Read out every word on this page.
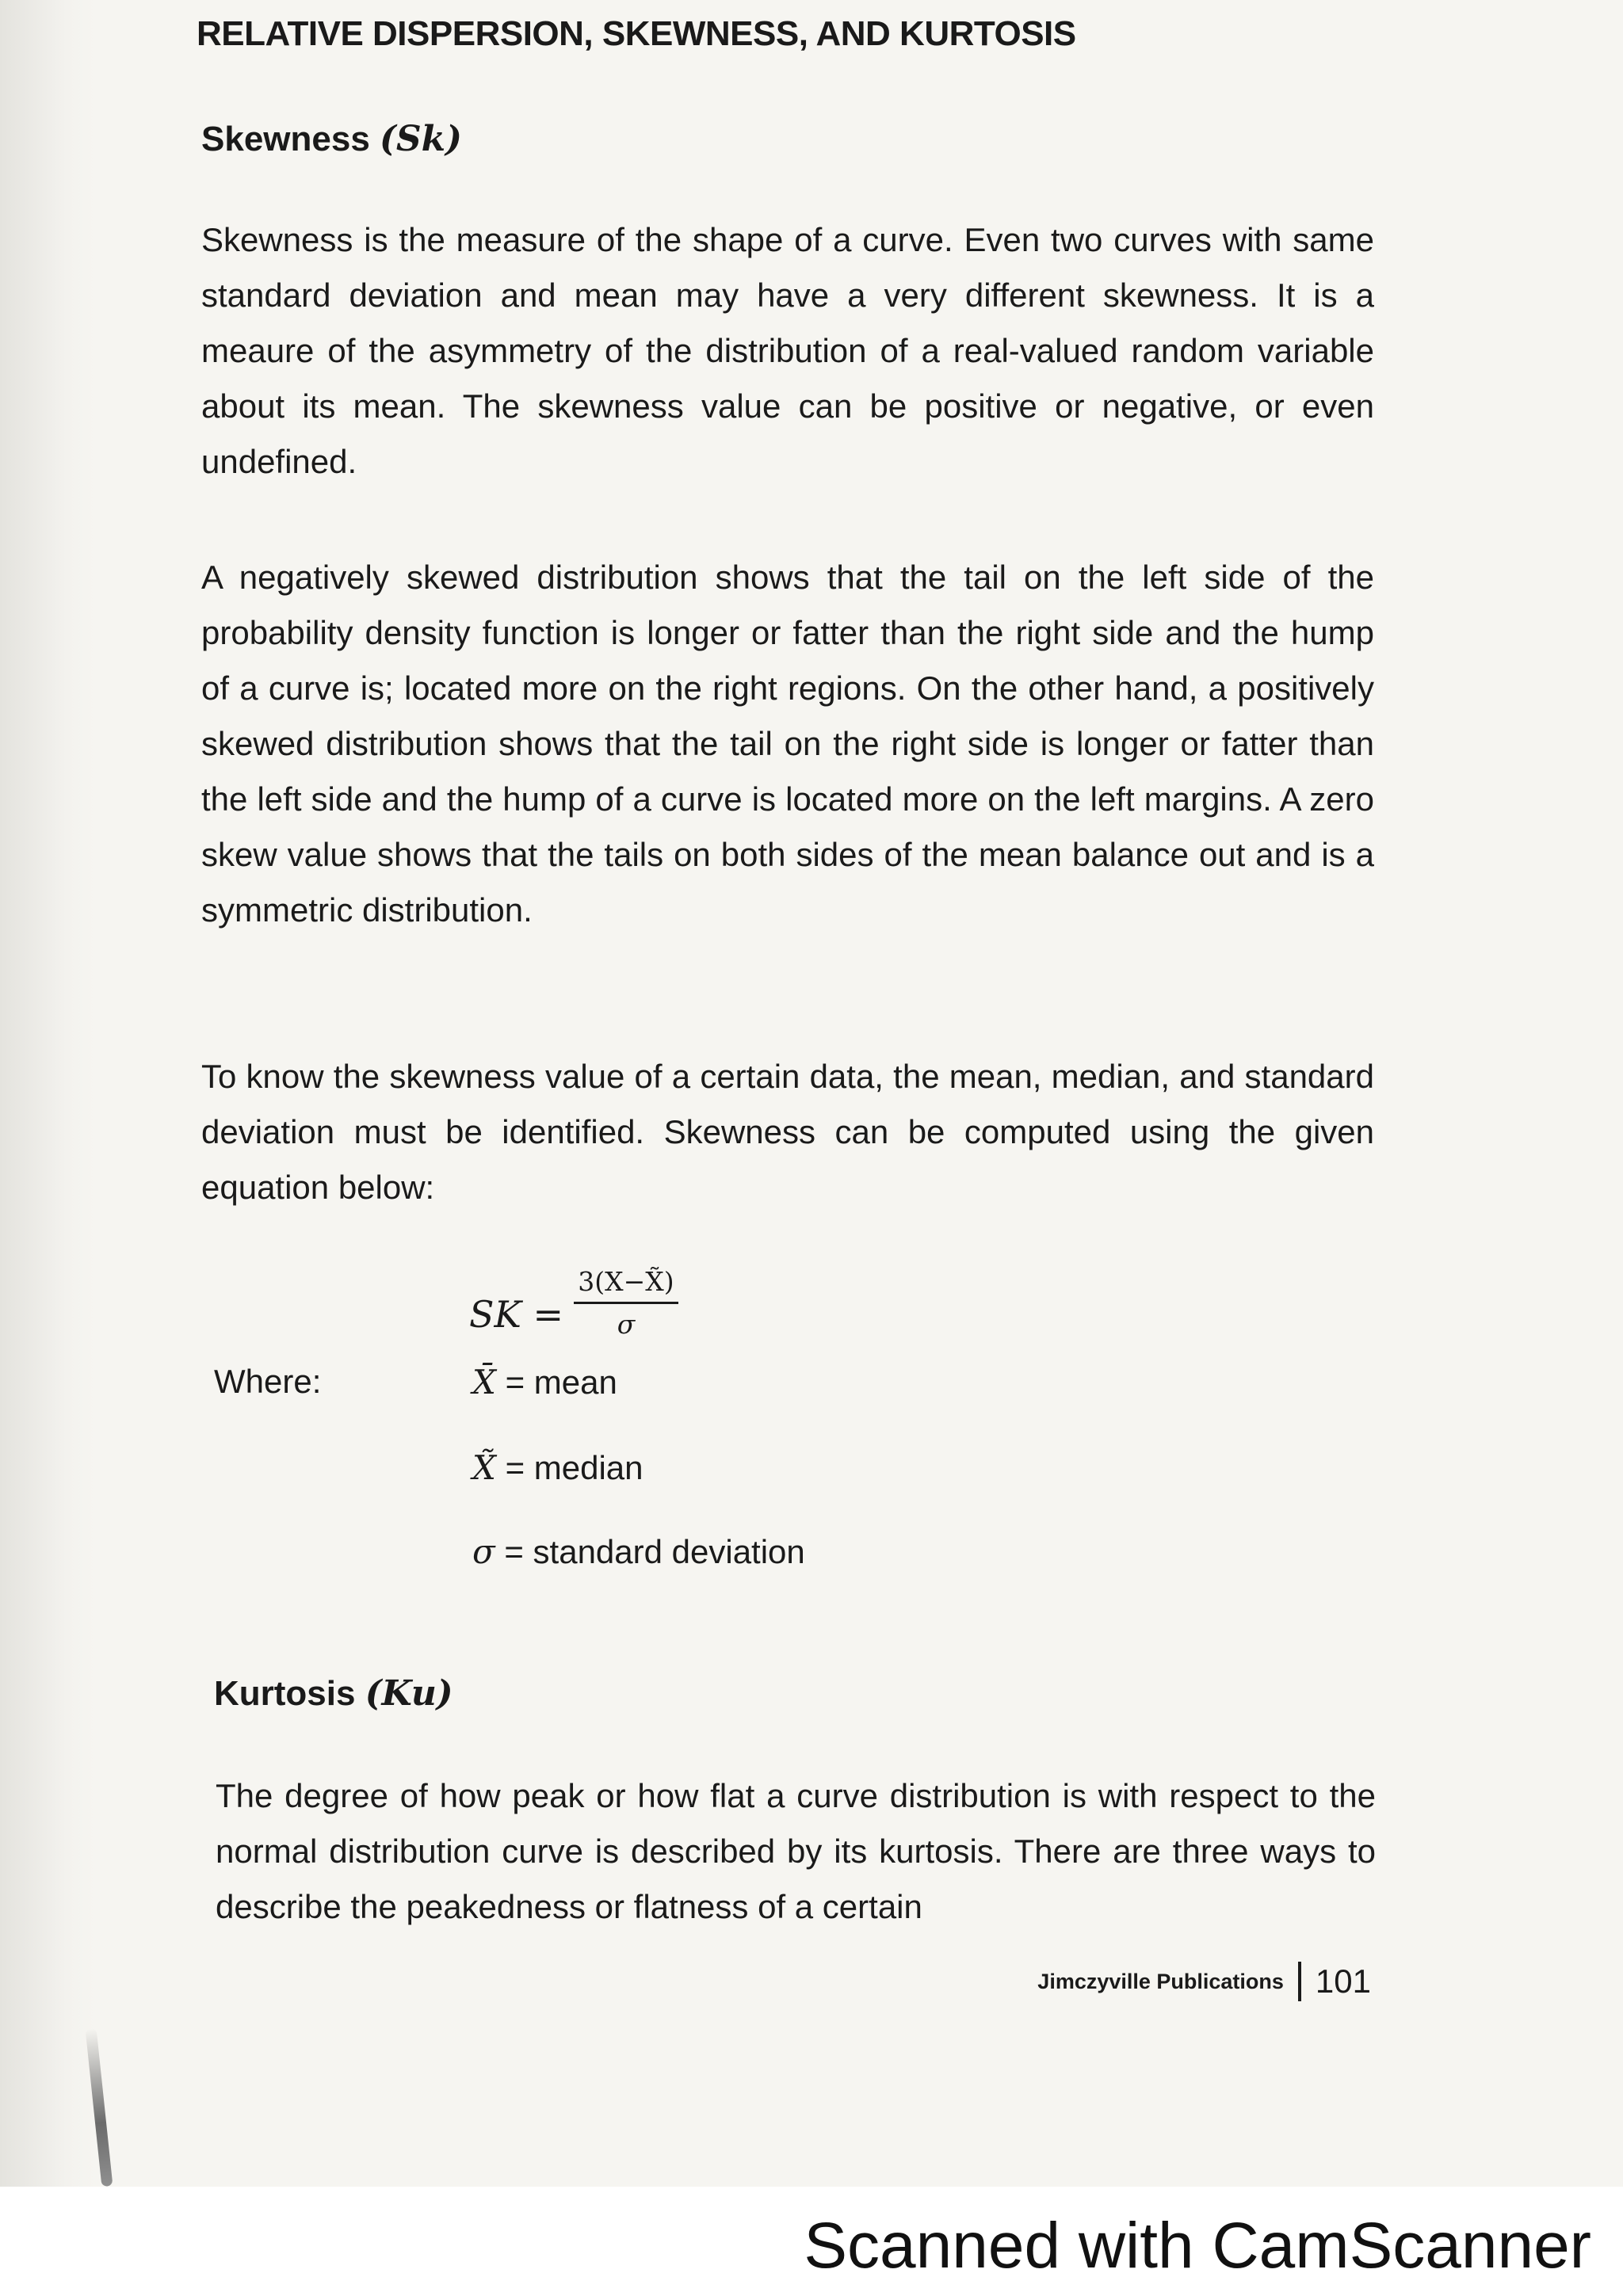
RELATIVE DISPERSION, SKEWNESS, AND KURTOSIS
Skewness (Sk)

Skewness is the measure of the shape of a curve. Even two curves with same standard deviation and mean may have a very different skewness. It is a meaure of the asymmetry of the distribution of a real-valued random variable about its mean. The skewness value can be positive or negative, or even undefined.

A negatively skewed distribution shows that the tail on the left side of the probability density function is longer or fatter than the right side and the hump of a curve is; located more on the right regions. On the other hand, a positively skewed distribution shows that the tail on the right side is longer or fatter than the left side and the hump of a curve is located more on the left margins. A zero skew value shows that the tails on both sides of the mean balance out and is a symmetric distribution.

To know the skewness value of a certain data, the mean, median, and standard deviation must be identified. Skewness can be computed using the given equation below:

SK = $\frac{3(X-X̃)}{\sigma}$
Where:	X̄ = mean
X̃ = median
σ = standard deviation
Kurtosis (Ku)

The degree of how peak or how flat a curve distribution is with respect to the normal distribution curve is described by its kurtosis. There are three ways to describe the peakedness or flatness of a certain

Jimczyville Publications 101
Scanned with CamScanner
